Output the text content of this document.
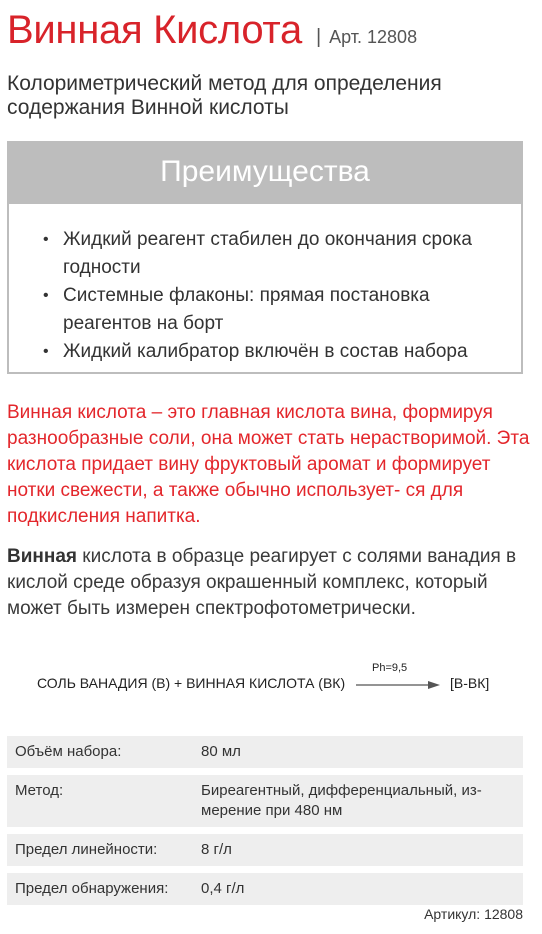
Винная Кислота | Арт. 12808
Колориметрический метод для определения содержания Винной кислоты
Преимущества
• Жидкий реагент стабилен до окончания срока годности
• Системные флаконы: прямая постановка реагентов на борт
• Жидкий калибратор включён в состав набора
Винная кислота – это главная кислота вина, формируя разнообразные соли, она может стать нерастворимой. Эта кислота придает вину фруктовый аромат и формирует нотки свежести, а также обычно использует- ся для подкисления напитка.
Винная кислота в образце реагирует с солями ванадия в кислой среде образуя окрашенный комплекс, который может быть измерен спектрофотометрически.
СОЛЬ ВАНАДИЯ (В) + ВИННАЯ КИСЛОТА (ВК)
Ph=9,5
[В-ВК]
Объём набора:	80 мл
Метод:	Биреагентный, дифференциальный, из- мерение при 480 нм
Предел линейности:	8 г/л
Предел обнаружения:	0,4 г/л
Артикул: 12808
